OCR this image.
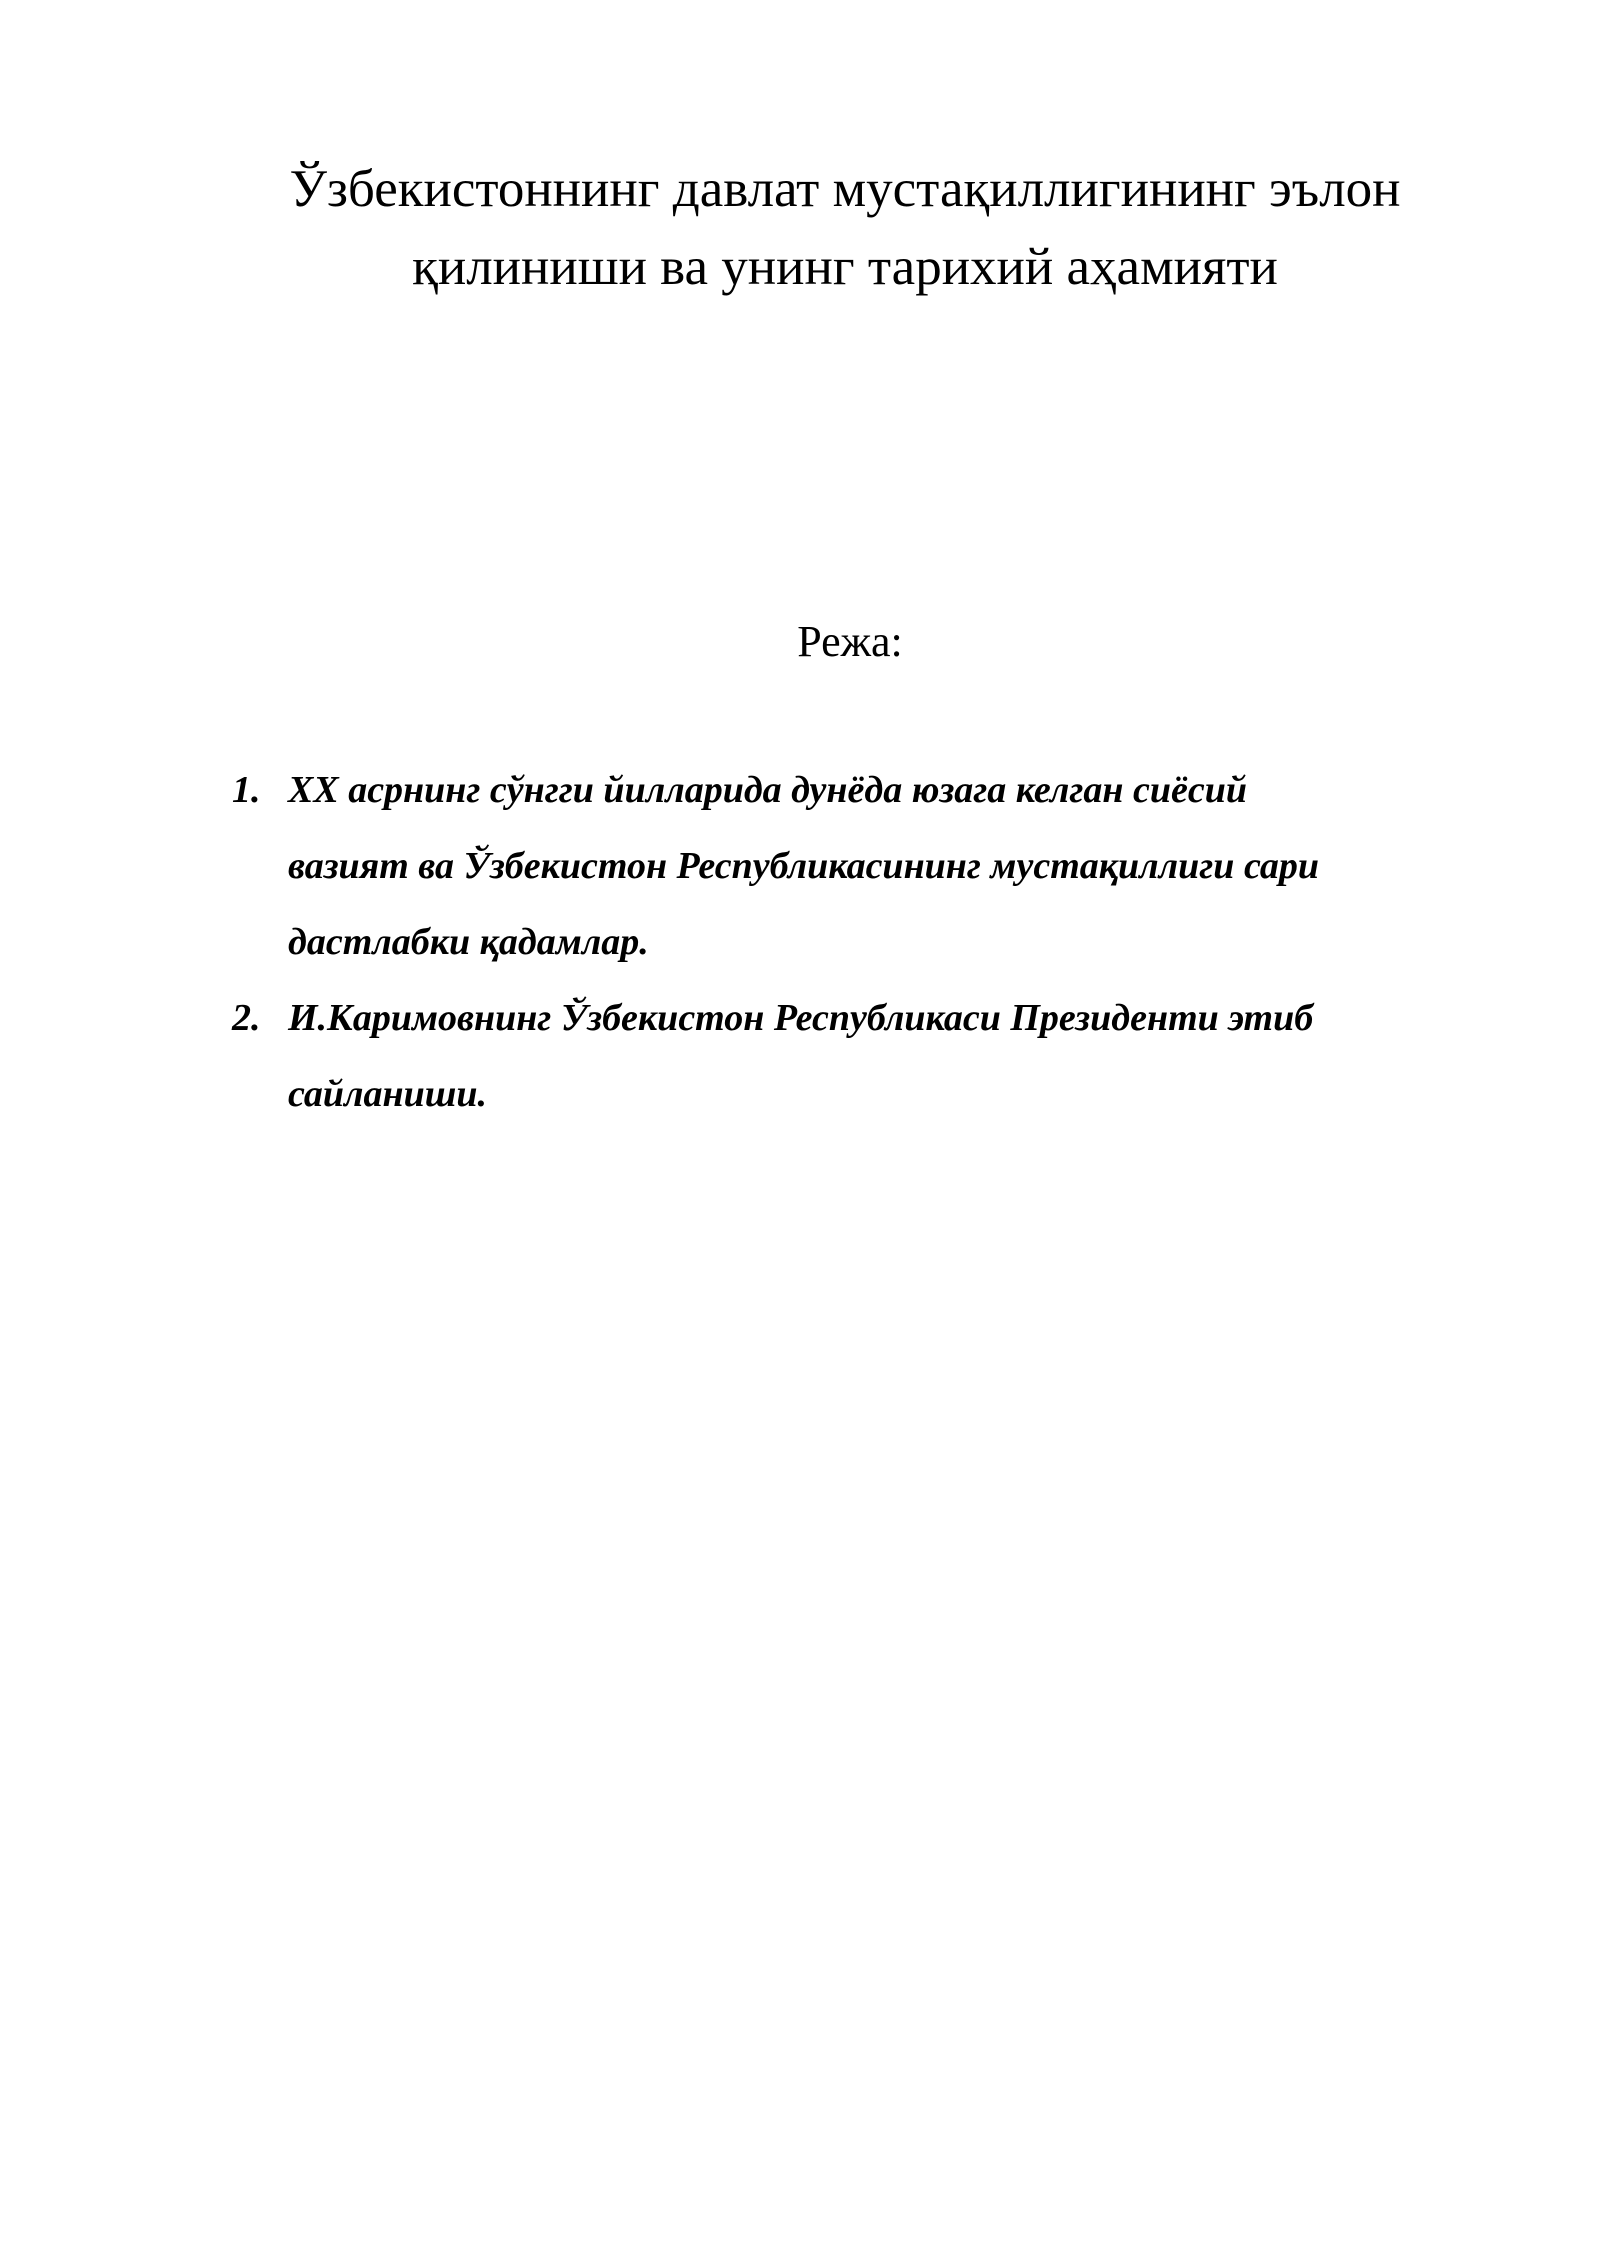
Ўзбекистоннинг давлат мустақиллигининг эълон
қилиниши ва унинг тарихий аҳамияти
Режа:
1. ХХ асрнинг сўнгги йилларида дунёда юзага келган сиёсий
вазият ва Ўзбекистон Республикасининг мустақиллиги сари
дастлабки қадамлар.
2. И.Каримовнинг Ўзбекистон Республикаси Президенти этиб
сайланиши.
